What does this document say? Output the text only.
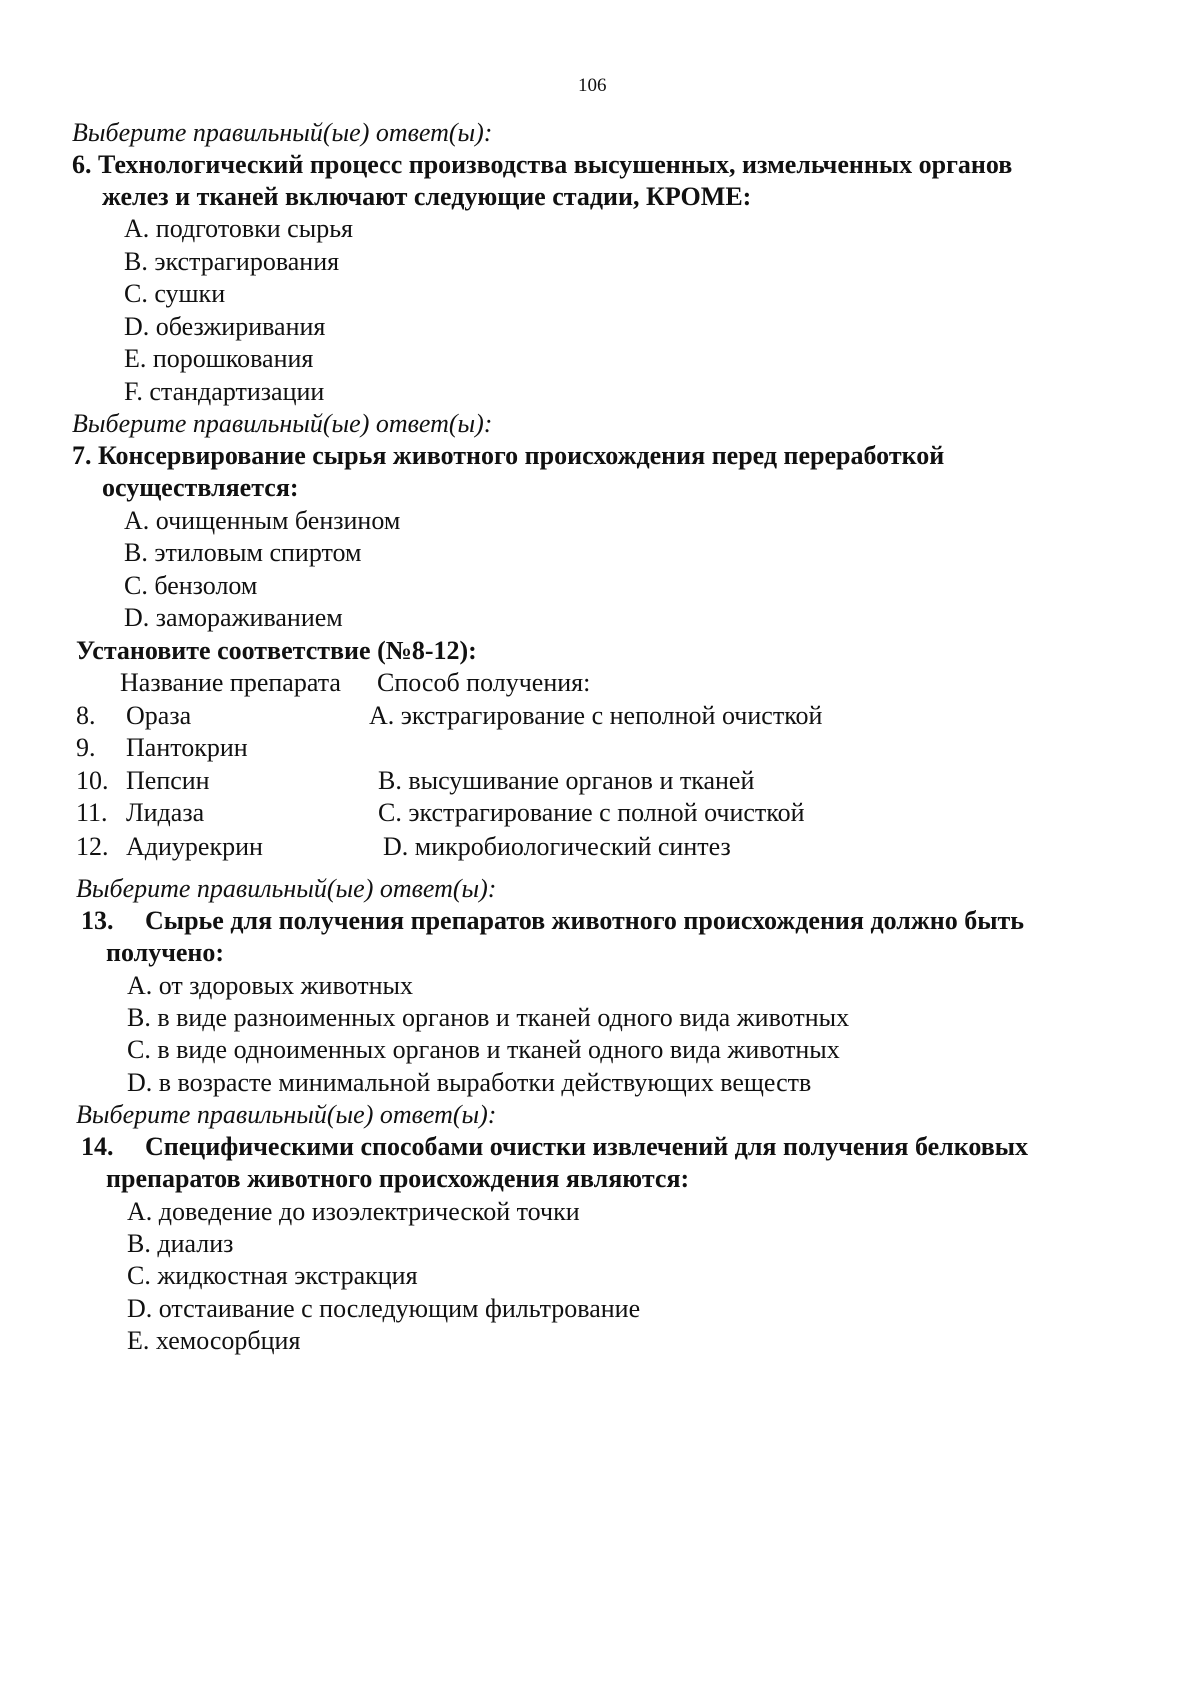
106
Выберите правильный(ые) ответ(ы):
6. Технологический процесс производства высушенных, измельченных органов
желез и тканей включают следующие стадии, КРОМЕ:
A. подготовки сырья
B. экстрагирования
C. сушки
D. обезжиривания
E. порошкования
F. стандартизации
Выберите правильный(ые) ответ(ы):
7. Консервирование сырья животного происхождения перед переработкой
осуществляется:
A. очищенным бензином
B. этиловым спиртом
C. бензолом
D. замораживанием
Установите соответствие (№8-12):
Название препарата Способ получения:
8. Ораза	A. экстрагирование с неполной очисткой
9. Пантокрин
10. Пепсин	B. высушивание органов и тканей
11. Лидаза	C. экстрагирование с полной очисткой
12. Адиурекрин	D. микробиологический синтез
Выберите правильный(ые) ответ(ы):
13. Сырье для получения препаратов животного происхождения должно быть
получено:
A. от здоровых животных
B. в виде разноименных органов и тканей одного вида животных
C. в виде одноименных органов и тканей одного вида животных
D. в возрасте минимальной выработки действующих веществ
Выберите правильный(ые) ответ(ы):
14. Специфическими способами очистки извлечений для получения белковых
препаратов животного происхождения являются:
A. доведение до изоэлектрической точки
B. диализ
C. жидкостная экстракция
D. отстаивание с последующим фильтрование
E. хемосорбция
